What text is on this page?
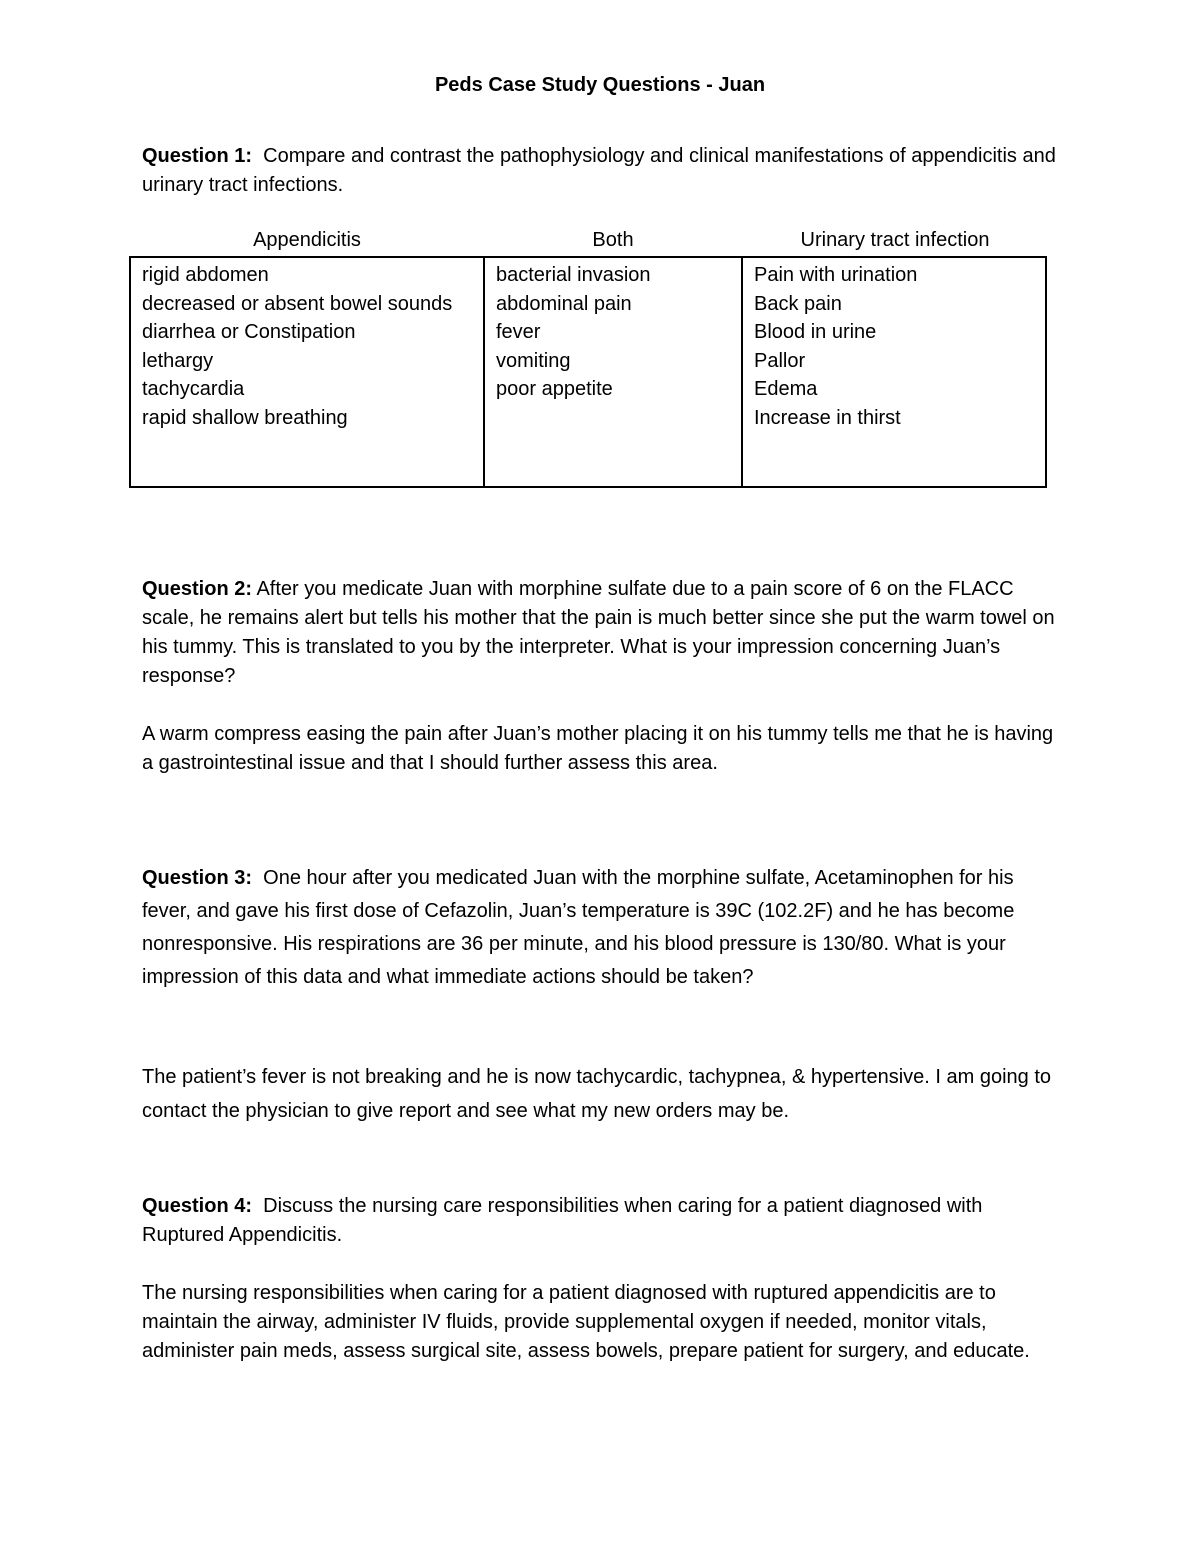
Peds Case Study Questions - Juan
Question 1: Compare and contrast the pathophysiology and clinical manifestations of appendicitis and urinary tract infections.
Appendicitis	Both	Urinary tract infection
rigid abdomen
decreased or absent bowel sounds
diarrhea or Constipation
lethargy
tachycardia
rapid shallow breathing
bacterial invasion
abdominal pain
fever
vomiting
poor appetite
Pain with urination
Back pain
Blood in urine
Pallor
Edema
Increase in thirst
Question 2: After you medicate Juan with morphine sulfate due to a pain score of 6 on the FLACC scale, he remains alert but tells his mother that the pain is much better since she put the warm towel on his tummy. This is translated to you by the interpreter. What is your impression concerning Juan’s response?
A warm compress easing the pain after Juan’s mother placing it on his tummy tells me that he is having a gastrointestinal issue and that I should further assess this area.
Question 3: One hour after you medicated Juan with the morphine sulfate, Acetaminophen for his fever, and gave his first dose of Cefazolin, Juan’s temperature is 39C (102.2F) and he has become nonresponsive. His respirations are 36 per minute, and his blood pressure is 130/80. What is your impression of this data and what immediate actions should be taken?
The patient’s fever is not breaking and he is now tachycardic, tachypnea, & hypertensive. I am going to contact the physician to give report and see what my new orders may be.
Question 4: Discuss the nursing care responsibilities when caring for a patient diagnosed with Ruptured Appendicitis.
The nursing responsibilities when caring for a patient diagnosed with ruptured appendicitis are to maintain the airway, administer IV fluids, provide supplemental oxygen if needed, monitor vitals, administer pain meds, assess surgical site, assess bowels, prepare patient for surgery, and educate.
